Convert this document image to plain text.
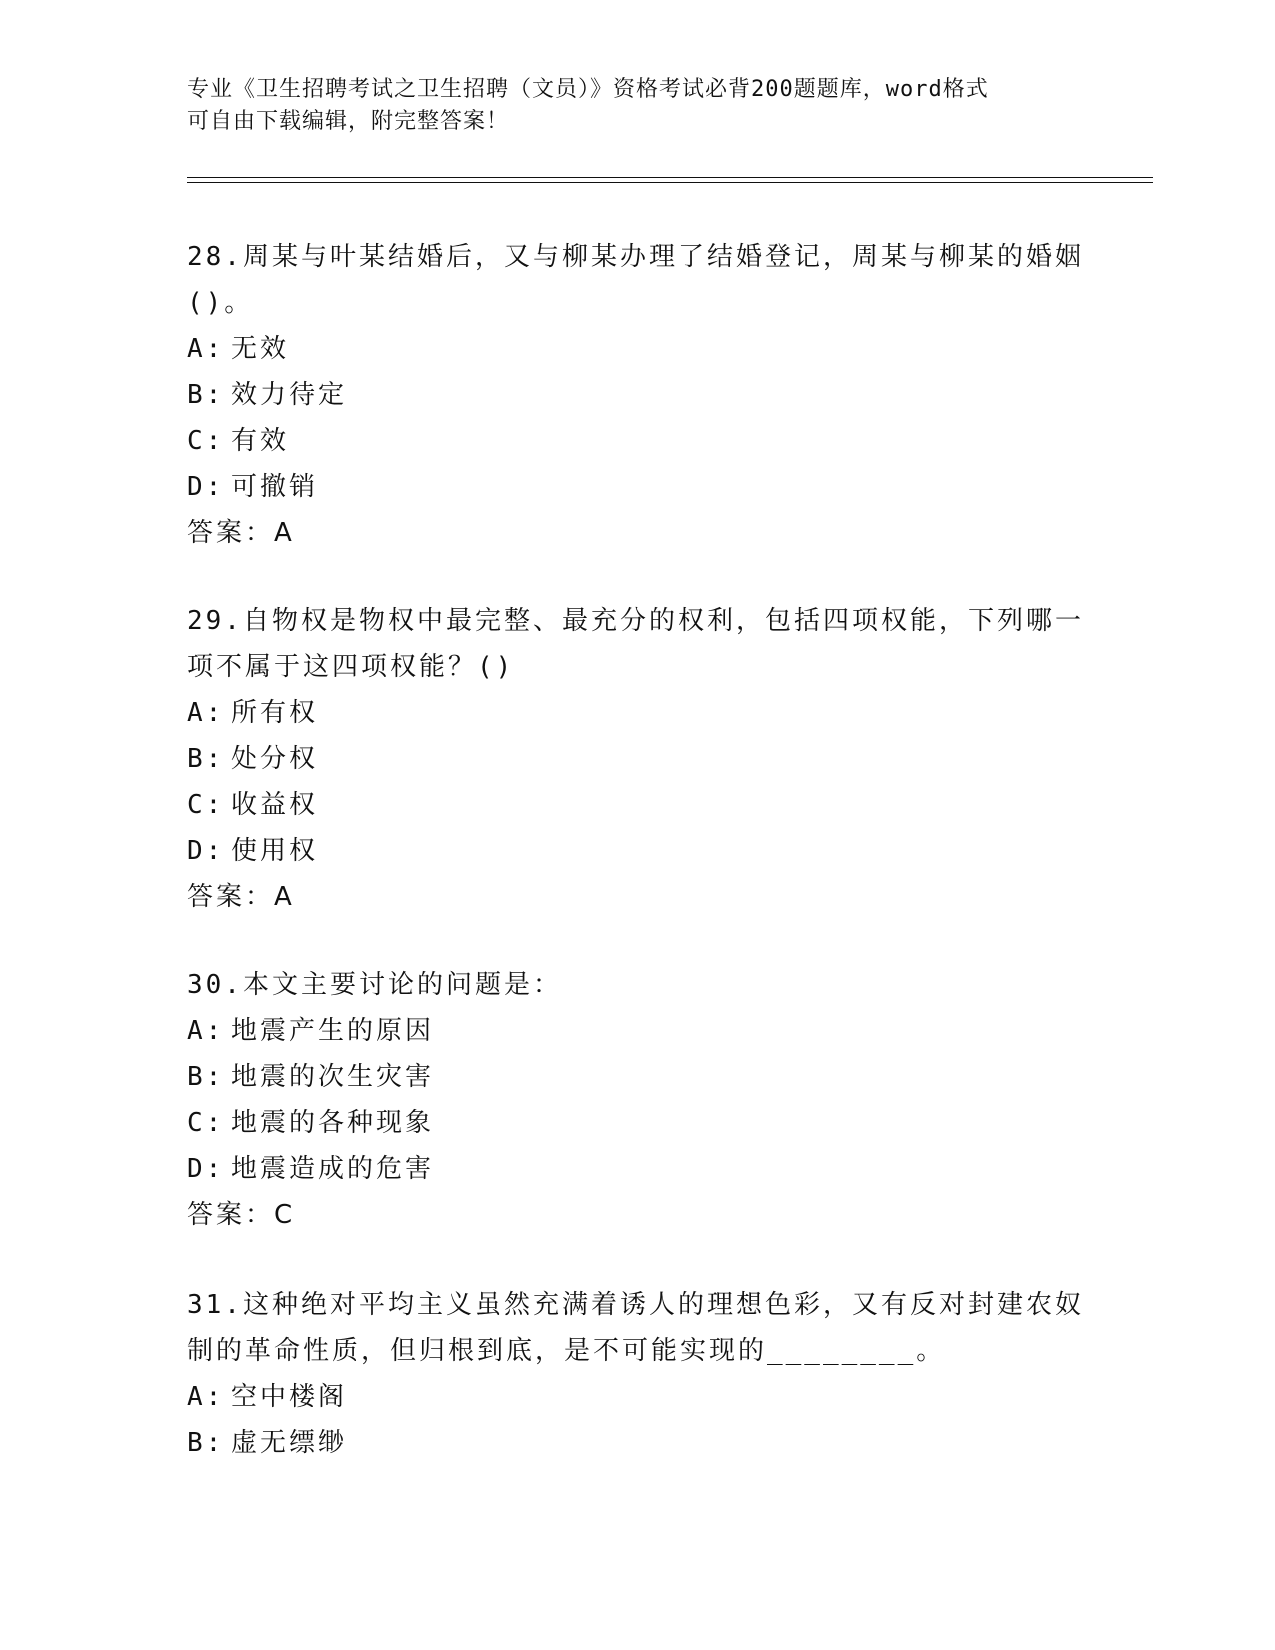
专业《卫生招聘考试之卫生招聘（文员）》资格考试必背200题题库，word格式
可自由下载编辑，附完整答案！

28.周某与叶某结婚后，又与柳某办理了结婚登记，周某与柳某的婚姻

()。

A: 无效

B: 效力待定

C: 有效

D: 可撤销

答案：A

29.自物权是物权中最完整、最充分的权利，包括四项权能，下列哪一

项不属于这四项权能？()

A: 所有权

B: 处分权

C: 收益权

D: 使用权

答案：A

30.本文主要讨论的问题是：

A: 地震产生的原因

B: 地震的次生灾害

C: 地震的各种现象

D: 地震造成的危害

答案：C

31.这种绝对平均主义虽然充满着诱人的理想色彩，又有反对封建农奴

制的革命性质，但归根到底，是不可能实现的________。

A: 空中楼阁

B: 虚无缥缈
